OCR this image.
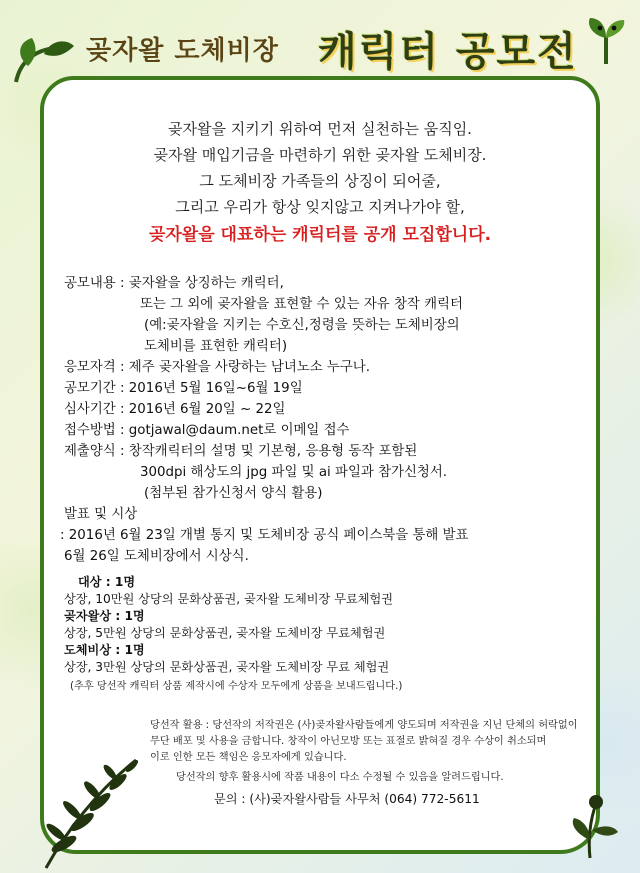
곶자왈 도체비장 캐릭터 공모전
곶자왈을 지키기 위하여 먼저 실천하는 움직임.
곶자왈 매입기금을 마련하기 위한 곶자왈 도체비장.
그 도체비장 가족들의 상징이 되어줄,
그리고 우리가 항상 잊지않고 지켜나가야 할,
곶자왈을 대표하는 캐릭터를 공개 모집합니다.
공모내용 : 곶자왈을 상징하는 캐릭터,
또는 그 외에 곶자왈을 표현할 수 있는 자유 창작 캐릭터
(예:곶자왈을 지키는 수호신,정령을 뜻하는 도체비장의
도체비를 표현한 캐릭터)
응모자격 : 제주 곶자왈을 사랑하는 남녀노소 누구나.
공모기간 : 2016년 5월 16일~6월 19일
심사기간 : 2016년 6월 20일 ~ 22일
접수방법 : gotjawal@daum.net로 이메일 접수
제출양식 : 창작캐릭터의 설명 및 기본형, 응용형 동작 포함된
300dpi 해상도의 jpg 파일 및 ai 파일과 참가신청서.
(첨부된 참가신청서 양식 활용)
발표 및 시상
: 2016년 6월 23일 개별 통지 및 도체비장 공식 페이스북을 통해 발표
6월 26일 도체비장에서 시상식.
대상 : 1명
상장, 10만원 상당의 문화상품권, 곶자왈 도체비장 무료체험권
곶자왈상 : 1명
상장, 5만원 상당의 문화상품권, 곶자왈 도체비장 무료체험권
도체비상 : 1명
상장, 3만원 상당의 문화상품권, 곶자왈 도체비장 무료 체험권
(추후 당선작 캐릭터 상품 제작시에 수상자 모두에게 상품을 보내드립니다.)
당선작 활용 : 당선작의 저작권은 (사)곶자왈사람들에게 양도되며 저작권을 지닌 단체의 허락없이
무단 배포 및 사용을 금합니다. 창작이 아닌모방 또는 표절로 밝혀질 경우 수상이 취소되며
이로 인한 모든 책임은 응모자에게 있습니다.
당선작의 향후 활용시에 작품 내용이 다소 수정될 수 있음을 알려드립니다.
문의 : (사)곶자왈사람들 사무처 (064) 772-5611
